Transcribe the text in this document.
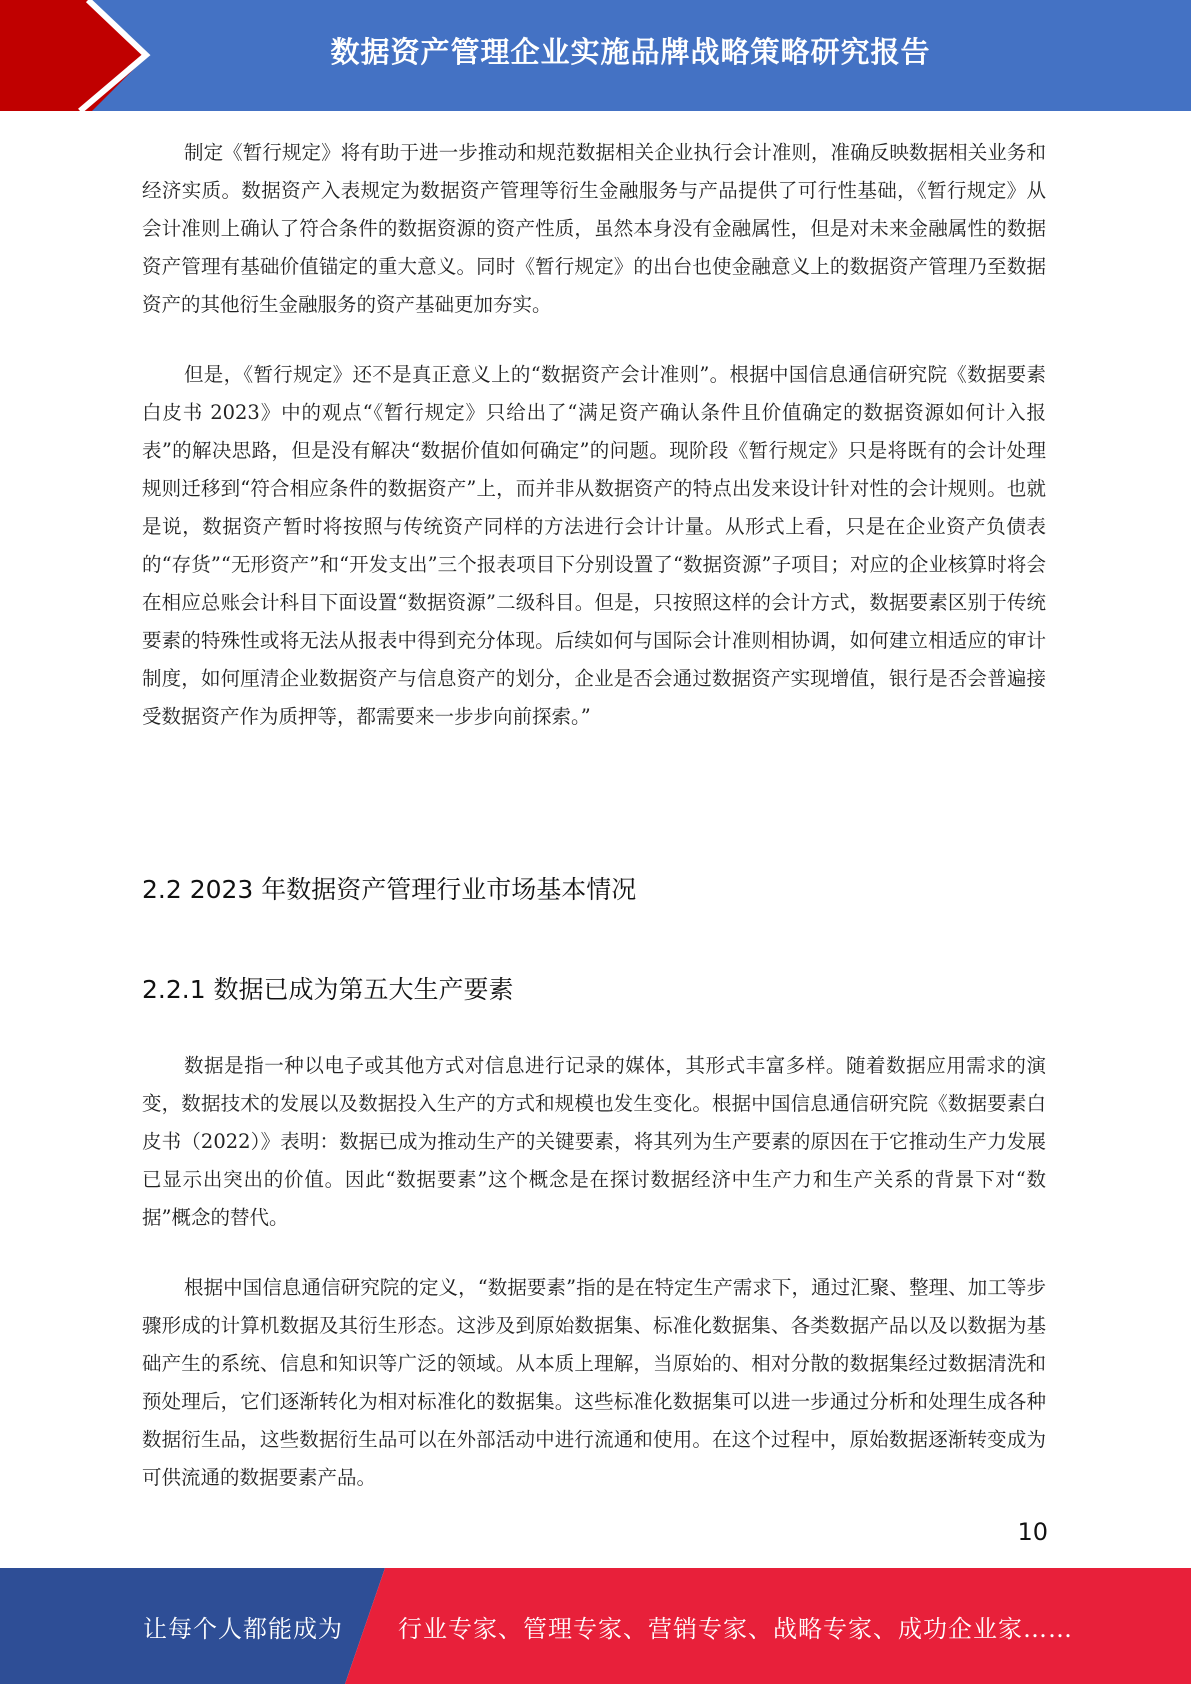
数据资产管理企业实施品牌战略策略研究报告

制定《暂行规定》将有助于进一步推动和规范数据相关企业执行会计准则，准确反映数据相关业务和经济实质。数据资产入表规定为数据资产管理等衍生金融服务与产品提供了可行性基础，《暂行规定》从会计准则上确认了符合条件的数据资源的资产性质，虽然本身没有金融属性，但是对未来金融属性的数据资产管理有基础价值锚定的重大意义。同时《暂行规定》的出台也使金融意义上的数据资产管理乃至数据资产的其他衍生金融服务的资产基础更加夯实。

但是，《暂行规定》还不是真正意义上的“数据资产会计准则”。根据中国信息通信研究院《数据要素白皮书 2023》中的观点“《暂行规定》只给出了“满足资产确认条件且价值确定的数据资源如何计入报表”的解决思路，但是没有解决“数据价值如何确定”的问题。现阶段《暂行规定》只是将既有的会计处理规则迁移到“符合相应条件的数据资产”上，而并非从数据资产的特点出发来设计针对性的会计规则。也就是说，数据资产暂时将按照与传统资产同样的方法进行会计计量。从形式上看，只是在企业资产负债表的“存货”“无形资产”和“开发支出”三个报表项目下分别设置了“数据资源”子项目；对应的企业核算时将会在相应总账会计科目下面设置“数据资源”二级科目。但是，只按照这样的会计方式，数据要素区别于传统要素的特殊性或将无法从报表中得到充分体现。后续如何与国际会计准则相协调，如何建立相适应的审计制度，如何厘清企业数据资产与信息资产的划分，企业是否会通过数据资产实现增值，银行是否会普遍接受数据资产作为质押等，都需要来一步步向前探索。”

2.2 2023 年数据资产管理行业市场基本情况
2.2.1 数据已成为第五大生产要素

数据是指一种以电子或其他方式对信息进行记录的媒体，其形式丰富多样。随着数据应用需求的演变，数据技术的发展以及数据投入生产的方式和规模也发生变化。根据中国信息通信研究院《数据要素白皮书（2022）》表明：数据已成为推动生产的关键要素，将其列为生产要素的原因在于它推动生产力发展已显示出突出的价值。因此“数据要素”这个概念是在探讨数据经济中生产力和生产关系的背景下对“数据”概念的替代。

根据中国信息通信研究院的定义，“数据要素”指的是在特定生产需求下，通过汇聚、整理、加工等步骤形成的计算机数据及其衍生形态。这涉及到原始数据集、标准化数据集、各类数据产品以及以数据为基础产生的系统、信息和知识等广泛的领域。从本质上理解，当原始的、相对分散的数据集经过数据清洗和预处理后，它们逐渐转化为相对标准化的数据集。这些标准化数据集可以进一步通过分析和处理生成各种数据衍生品，这些数据衍生品可以在外部活动中进行流通和使用。在这个过程中，原始数据逐渐转变成为可供流通的数据要素产品。

10
让每个人都能成为 行业专家、管理专家、营销专家、战略专家、成功企业家……
